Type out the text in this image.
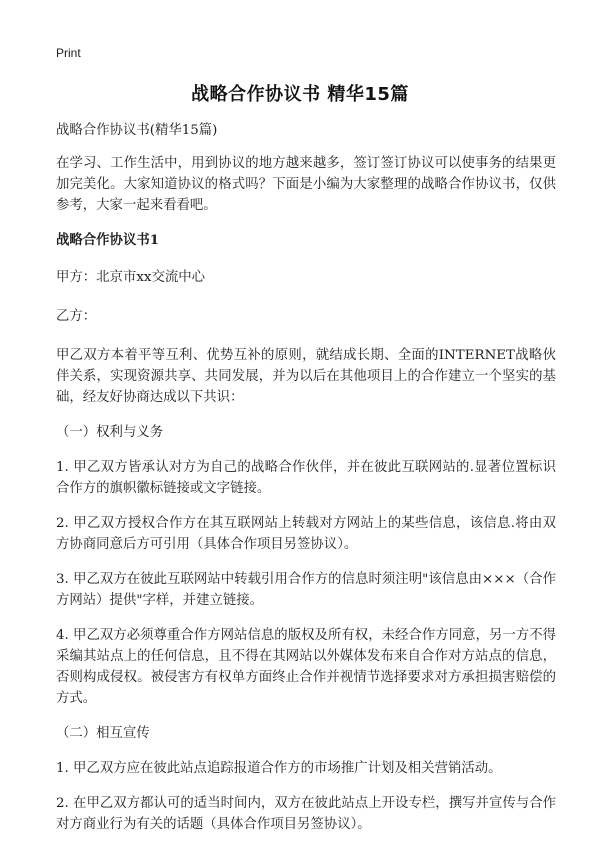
Print
战略合作协议书 精华15篇

战略合作协议书(精华15篇)

在学习、工作生活中，用到协议的地方越来越多，签订签订协议可以使事务的结果更加完美化。大家知道协议的格式吗？下面是小编为大家整理的战略合作协议书，仅供参考，大家一起来看看吧。

战略合作协议书1

甲方：北京市xx交流中心

乙方：

甲乙双方本着平等互利、优势互补的原则，就结成长期、全面的INTERNET战略伙伴关系，实现资源共享、共同发展，并为以后在其他项目上的合作建立一个坚实的基础，经友好协商达成以下共识：

（一）权利与义务

1. 甲乙双方皆承认对方为自己的战略合作伙伴，并在彼此互联网站的.显著位置标识合作方的旗帜徽标链接或文字链接。

2. 甲乙双方授权合作方在其互联网站上转载对方网站上的某些信息，该信息.将由双方协商同意后方可引用（具体合作项目另签协议）。

3. 甲乙双方在彼此互联网站中转载引用合作方的信息时须注明"该信息由×××（合作方网站）提供"字样，并建立链接。

4. 甲乙双方必须尊重合作方网站信息的版权及所有权，未经合作方同意，另一方不得采编其站点上的任何信息，且不得在其网站以外媒体发布来自合作对方站点的信息，否则构成侵权。被侵害方有权单方面终止合作并视情节选择要求对方承担损害赔偿的方式。

（二）相互宣传

1. 甲乙双方应在彼此站点追踪报道合作方的市场推广计划及相关营销活动。

2. 在甲乙双方都认可的适当时间内，双方在彼此站点上开设专栏，撰写并宣传与合作对方商业行为有关的话题（具体合作项目另签协议）。
